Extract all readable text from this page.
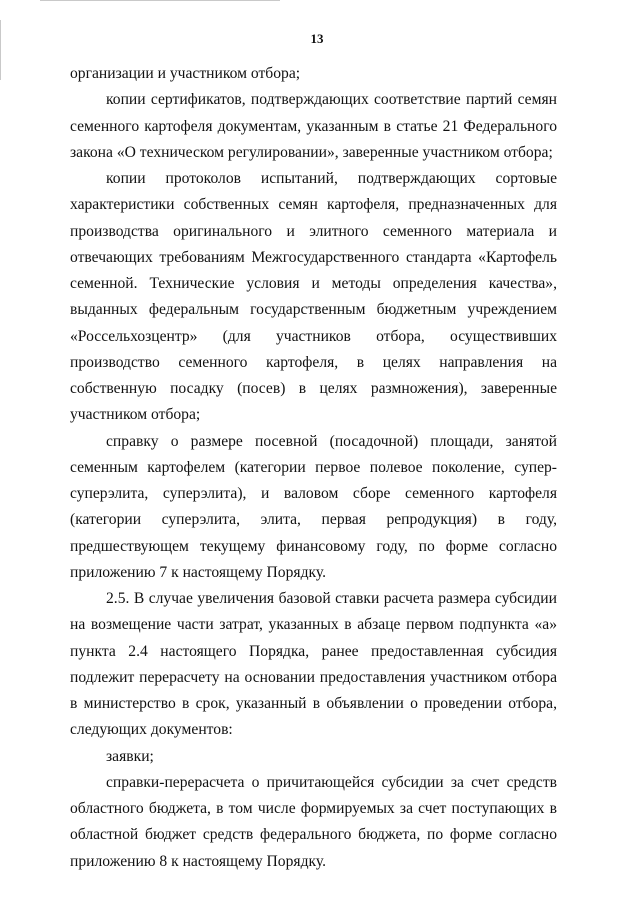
13

организации и участником отбора;

копии сертификатов, подтверждающих соответствие партий семян семенного картофеля документам, указанным в статье 21 Федерального закона «О техническом регулировании», заверенные участником отбора;

копии протоколов испытаний, подтверждающих сортовые характеристики собственных семян картофеля, предназначенных для производства оригинального и элитного семенного материала и отвечающих требованиям Межгосударственного стандарта «Картофель семенной. Технические условия и методы определения качества», выданных федеральным государственным бюджетным учреждением «Россельхозцентр» (для участников отбора, осуществивших производство семенного картофеля, в целях направления на собственную посадку (посев) в целях размножения), заверенные участником отбора;

справку о размере посевной (посадочной) площади, занятой семенным картофелем (категории первое полевое поколение, супер-суперэлита, суперэлита), и валовом сборе семенного картофеля (категории суперэлита, элита, первая репродукция) в году, предшествующем текущему финансовому году, по форме согласно приложению 7 к настоящему Порядку.

2.5. В случае увеличения базовой ставки расчета размера субсидии на возмещение части затрат, указанных в абзаце первом подпункта «а» пункта 2.4 настоящего Порядка, ранее предоставленная субсидия подлежит перерасчету на основании предоставления участником отбора в министерство в срок, указанный в объявлении о проведении отбора, следующих документов:

заявки;

справки-перерасчета о причитающейся субсидии за счет средств областного бюджета, в том числе формируемых за счет поступающих в областной бюджет средств федерального бюджета, по форме согласно приложению 8 к настоящему Порядку.
